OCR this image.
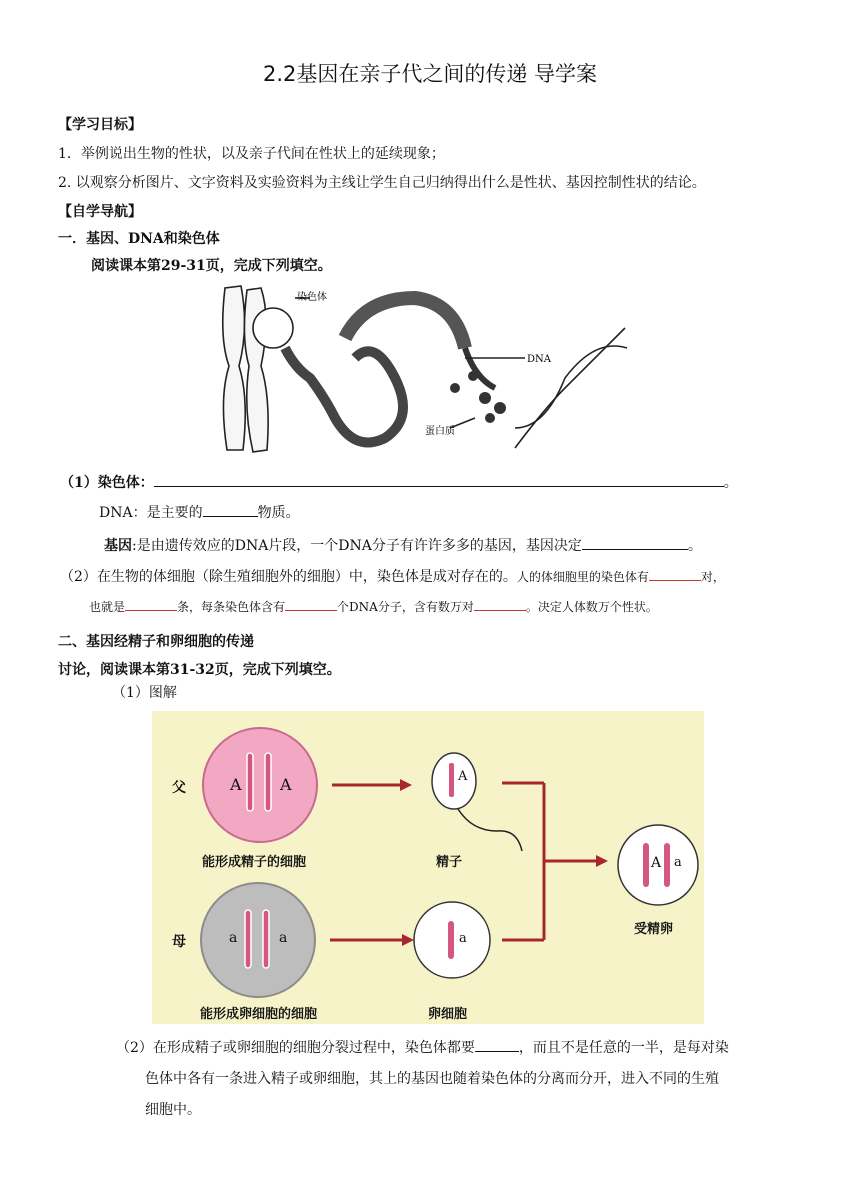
2.2基因在亲子代之间的传递 导学案
【学习目标】
1．举例说出生物的性状，以及亲子代间在性状上的延续现象；
2. 以观察分析图片、文字资料及实验资料为主线让学生自己归纳得出什么是性状、基因控制性状的结论。
【自学导航】
一．基因、DNA和染色体
阅读课本第29-31页，完成下列填空。
染色体
DNA
蛋白质
（1）染色体：	。
DNA：是主要的	物质。
基因:是由遗传效应的DNA片段，一个DNA分子有许许多多的基因，基因决定	。
（2）在生物的体细胞（除生殖细胞外的细胞）中，染色体是成对存在的。人的体细胞里的染色体有	对，
也就是	条，每条染色体含有	个DNA分子，含有数万对	。决定人体数万个性状。
二、基因经精子和卵细胞的传递
讨论，阅读课本第31-32页，完成下列填空。
（1）图解
父
母
A A
a	a
A
a
A a
能形成精子的细胞	精子
受精卵
能形成卵细胞的细胞	卵细胞
（2）在形成精子或卵细胞的细胞分裂过程中，染色体都要	，而且不是任意的一半，是每对染
色体中各有一条进入精子或卵细胞，其上的基因也随着染色体的分离而分开，进入不同的生殖
细胞中。
